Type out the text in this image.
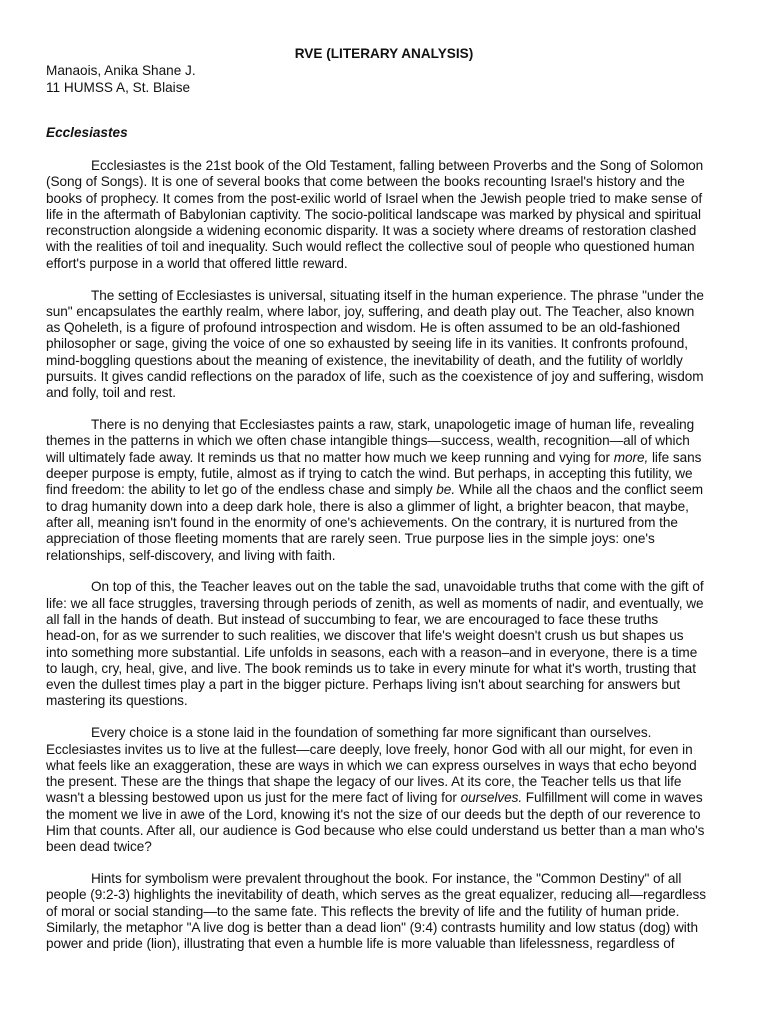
RVE (LITERARY ANALYSIS)
Manaois, Anika Shane J.
11 HUMSS A, St. Blaise
Ecclesiastes
Ecclesiastes is the 21st book of the Old Testament, falling between Proverbs and the Song of Solomon
(Song of Songs). It is one of several books that come between the books recounting Israel's history and the
books of prophecy. It comes from the post-exilic world of Israel when the Jewish people tried to make sense of
life in the aftermath of Babylonian captivity. The socio-political landscape was marked by physical and spiritual
reconstruction alongside a widening economic disparity. It was a society where dreams of restoration clashed
with the realities of toil and inequality. Such would reflect the collective soul of people who questioned human
effort's purpose in a world that offered little reward.
The setting of Ecclesiastes is universal, situating itself in the human experience. The phrase "under the
sun" encapsulates the earthly realm, where labor, joy, suffering, and death play out. The Teacher, also known
as Qoheleth, is a figure of profound introspection and wisdom. He is often assumed to be an old-fashioned
philosopher or sage, giving the voice of one so exhausted by seeing life in its vanities. It confronts profound,
mind-boggling questions about the meaning of existence, the inevitability of death, and the futility of worldly
pursuits. It gives candid reflections on the paradox of life, such as the coexistence of joy and suffering, wisdom
and folly, toil and rest.
There is no denying that Ecclesiastes paints a raw, stark, unapologetic image of human life, revealing
themes in the patterns in which we often chase intangible things—success, wealth, recognition—all of which
will ultimately fade away. It reminds us that no matter how much we keep running and vying for more, life sans
deeper purpose is empty, futile, almost as if trying to catch the wind. But perhaps, in accepting this futility, we
find freedom: the ability to let go of the endless chase and simply be. While all the chaos and the conflict seem
to drag humanity down into a deep dark hole, there is also a glimmer of light, a brighter beacon, that maybe,
after all, meaning isn't found in the enormity of one's achievements. On the contrary, it is nurtured from the
appreciation of those fleeting moments that are rarely seen. True purpose lies in the simple joys: one's
relationships, self-discovery, and living with faith.
On top of this, the Teacher leaves out on the table the sad, unavoidable truths that come with the gift of
life: we all face struggles, traversing through periods of zenith, as well as moments of nadir, and eventually, we
all fall in the hands of death. But instead of succumbing to fear, we are encouraged to face these truths
head-on, for as we surrender to such realities, we discover that life's weight doesn't crush us but shapes us
into something more substantial. Life unfolds in seasons, each with a reason–and in everyone, there is a time
to laugh, cry, heal, give, and live. The book reminds us to take in every minute for what it's worth, trusting that
even the dullest times play a part in the bigger picture. Perhaps living isn't about searching for answers but
mastering its questions.
Every choice is a stone laid in the foundation of something far more significant than ourselves.
Ecclesiastes invites us to live at the fullest—care deeply, love freely, honor God with all our might, for even in
what feels like an exaggeration, these are ways in which we can express ourselves in ways that echo beyond
the present. These are the things that shape the legacy of our lives. At its core, the Teacher tells us that life
wasn't a blessing bestowed upon us just for the mere fact of living for ourselves. Fulfillment will come in waves
the moment we live in awe of the Lord, knowing it's not the size of our deeds but the depth of our reverence to
Him that counts. After all, our audience is God because who else could understand us better than a man who's
been dead twice?
Hints for symbolism were prevalent throughout the book. For instance, the "Common Destiny" of all
people (9:2-3) highlights the inevitability of death, which serves as the great equalizer, reducing all—regardless
of moral or social standing—to the same fate. This reflects the brevity of life and the futility of human pride.
Similarly, the metaphor "A live dog is better than a dead lion" (9:4) contrasts humility and low status (dog) with
power and pride (lion), illustrating that even a humble life is more valuable than lifelessness, regardless of
